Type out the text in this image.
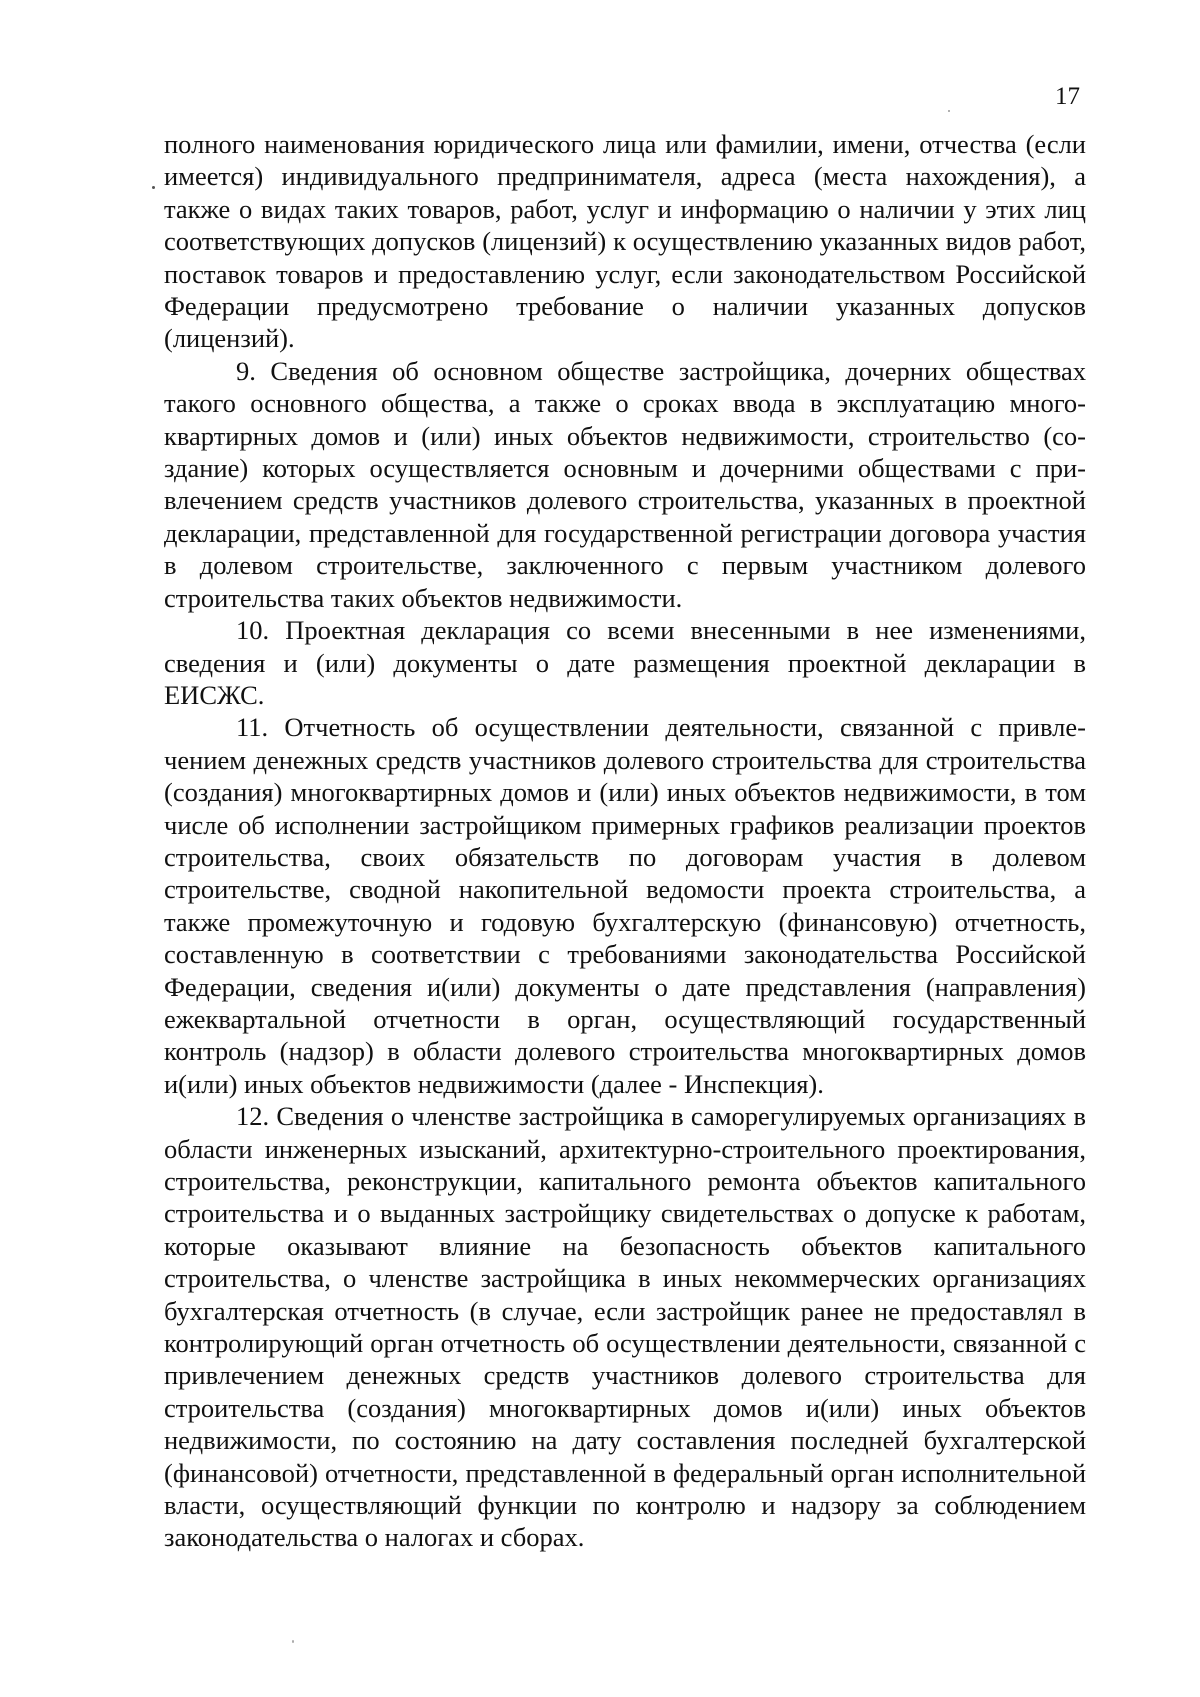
17

полного наименования юридического лица или фамилии, имени, отчества (если имеется) индивидуального предпринимателя, адреса (места нахождения), а также о видах таких товаров, работ, услуг и информацию о наличии у этих лиц соответствующих допусков (лицензий) к осуществлению указанных видов работ, поставок товаров и предоставлению услуг, если законодательством Российской Федерации предусмотрено требование о наличии указанных допусков (лицензий).

9. Сведения об основном обществе застройщика, дочерних обществах такого основного общества, а также о сроках ввода в эксплуатацию многоквартирных домов и (или) иных объектов недвижимости, строительство (создание) которых осуществляется основным и дочерними обществами с привлечением средств участников долевого строительства, указанных в проектной декларации, представленной для государственной регистрации договора участия в долевом строительстве, заключенного с первым участником долевого строительства таких объектов недвижимости.

10. Проектная декларация со всеми внесенными в нее изменениями, сведения и (или) документы о дате размещения проектной декларации в ЕИСЖС.

11. Отчетность об осуществлении деятельности, связанной с привлечением денежных средств участников долевого строительства для строительства (создания) многоквартирных домов и (или) иных объектов недвижимости, в том числе об исполнении застройщиком примерных графиков реализации проектов строительства, своих обязательств по договорам участия в долевом строительстве, сводной накопительной ведомости проекта строительства, а также промежуточную и годовую бухгалтерскую (финансовую) отчетность, составленную в соответствии с требованиями законодательства Российской Федерации, сведения и(или) документы о дате представления (направления) ежеквартальной отчетности в орган, осуществляющий государственный контроль (надзор) в области долевого строительства многоквартирных домов и(или) иных объектов недвижимости (далее - Инспекция).

12. Сведения о членстве застройщика в саморегулируемых организациях в области инженерных изысканий, архитектурно-строительного проектирования, строительства, реконструкции, капитального ремонта объектов капитального строительства и о выданных застройщику свидетельствах о допуске к работам, которые оказывают влияние на безопасность объектов капитального строительства, о членстве застройщика в иных некоммерческих организациях бухгалтерская отчетность (в случае, если застройщик ранее не предоставлял в контролирующий орган отчетность об осуществлении деятельности, связанной с привлечением денежных средств участников долевого строительства для строительства (создания) многоквартирных домов и(или) иных объектов недвижимости, по состоянию на дату составления последней бухгалтерской (финансовой) отчетности, представленной в федеральный орган исполнительной власти, осуществляющий функции по контролю и надзору за соблюдением законодательства о налогах и сборах.
